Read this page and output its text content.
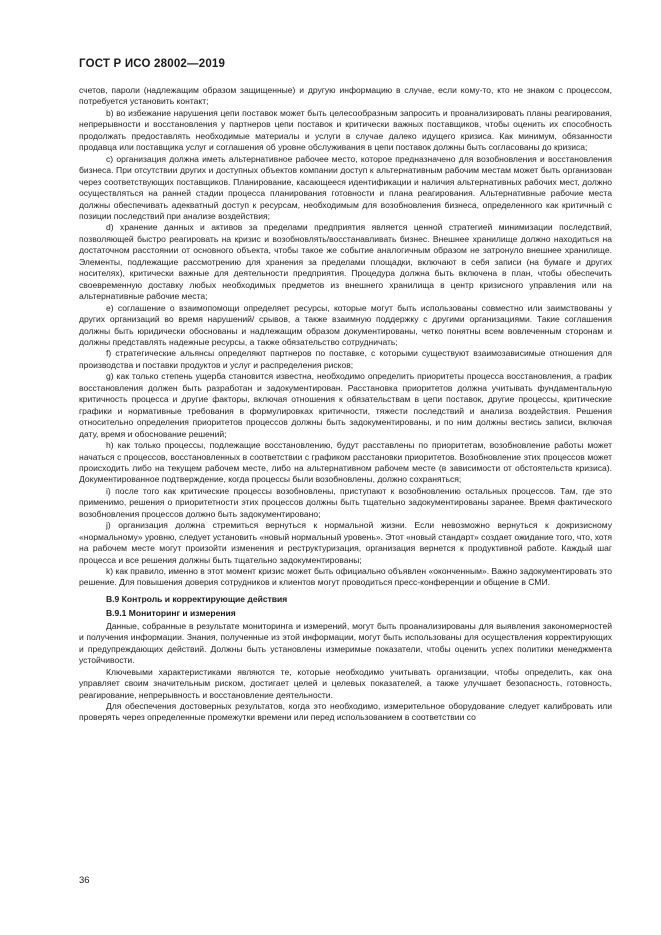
ГОСТ Р ИСО 28002—2019

счетов, пароли (надлежащим образом защищенные) и другую информацию в случае, если кому-то, кто не знаком с процессом, потребуется установить контакт;

b) во избежание нарушения цепи поставок может быть целесообразным запросить и проанализировать планы реагирования, непрерывности и восстановления у партнеров цепи поставок и критически важных поставщиков, чтобы оценить их способность продолжать предоставлять необходимые материалы и услуги в случае далеко идущего кризиса. Как минимум, обязанности продавца или поставщика услуг и соглашения об уровне обслуживания в цепи поставок должны быть согласованы до кризиса;

c) организация должна иметь альтернативное рабочее место, которое предназначено для возобновления и восстановления бизнеса. При отсутствии других и доступных объектов компании доступ к альтернативным рабочим местам может быть организован через соответствующих поставщиков. Планирование, касающееся идентификации и наличия альтернативных рабочих мест, должно осуществляться на ранней стадии процесса планирования готовности и плана реагирования. Альтернативные рабочие места должны обеспечивать адекватный доступ к ресурсам, необходимым для возобновления бизнеса, определенного как критичный с позиции последствий при анализе воздействия;

d) хранение данных и активов за пределами предприятия является ценной стратегией минимизации последствий, позволяющей быстро реагировать на кризис и возобновлять/восстанавливать бизнес. Внешнее хранилище должно находиться на достаточном расстоянии от основного объекта, чтобы такое же событие аналогичным образом не затронуло внешнее хранилище. Элементы, подлежащие рассмотрению для хранения за пределами площадки, включают в себя записи (на бумаге и других носителях), критически важные для деятельности предприятия. Процедура должна быть включена в план, чтобы обеспечить своевременную доставку любых необходимых предметов из внешнего хранилища в центр кризисного управления или на альтернативные рабочие места;

e) соглашение о взаимопомощи определяет ресурсы, которые могут быть использованы совместно или заимствованы у других организаций во время нарушений/ срывов, а также взаимную поддержку с другими организациями. Такие соглашения должны быть юридически обоснованы и надлежащим образом документированы, четко понятны всем вовлеченным сторонам и должны представлять надежные ресурсы, а также обязательство сотрудничать;

f) стратегические альянсы определяют партнеров по поставке, с которыми существуют взаимозависимые отношения для производства и поставки продуктов и услуг и распределения рисков;

g) как только степень ущерба становится известна, необходимо определить приоритеты процесса восстановления, а график восстановления должен быть разработан и задокументирован. Расстановка приоритетов должна учитывать фундаментальную критичность процесса и другие факторы, включая отношения к обязательствам в цепи поставок, другие процессы, критические графики и нормативные требования в формулировках критичности, тяжести последствий и анализа воздействия. Решения относительно определения приоритетов процессов должны быть задокументированы, и по ним должны вестись записи, включая дату, время и обоснование решений;

h) как только процессы, подлежащие восстановлению, будут расставлены по приоритетам, возобновление работы может начаться с процессов, восстановленных в соответствии с графиком расстановки приоритетов. Возобновление этих процессов может происходить либо на текущем рабочем месте, либо на альтернативном рабочем месте (в зависимости от обстоятельств кризиса). Документированное подтверждение, когда процессы были возобновлены, должно сохраняться;

i) после того как критические процессы возобновлены, приступают к возобновлению остальных процессов. Там, где это применимо, решения о приоритетности этих процессов должны быть тщательно задокументированы заранее. Время фактического возобновления процессов должно быть задокументировано;

j) организация должна стремиться вернуться к нормальной жизни. Если невозможно вернуться к докризисному «нормальному» уровню, следует установить «новый нормальный уровень». Этот «новый стандарт» создает ожидание того, что, хотя на рабочем месте могут произойти изменения и реструктуризация, организация вернется к продуктивной работе. Каждый шаг процесса и все решения должны быть тщательно задокументированы;

k) как правило, именно в этот момент кризис может быть официально объявлен «оконченным». Важно задокументировать это решение. Для повышения доверия сотрудников и клиентов могут проводиться пресс-конференции и общение в СМИ.

В.9 Контроль и корректирующие действия

В.9.1 Мониторинг и измерения

Данные, собранные в результате мониторинга и измерений, могут быть проанализированы для выявления закономерностей и получения информации. Знания, полученные из этой информации, могут быть использованы для осуществления корректирующих и предупреждающих действий. Должны быть установлены измеримые показатели, чтобы оценить успех политики менеджмента устойчивости.

Ключевыми характеристиками являются те, которые необходимо учитывать организации, чтобы определить, как она управляет своим значительным риском, достигает целей и целевых показателей, а также улучшает безопасность, готовность, реагирование, непрерывность и восстановление деятельности.

Для обеспечения достоверных результатов, когда это необходимо, измерительное оборудование следует калибровать или проверять через определенные промежутки времени или перед использованием в соответствии со

36
